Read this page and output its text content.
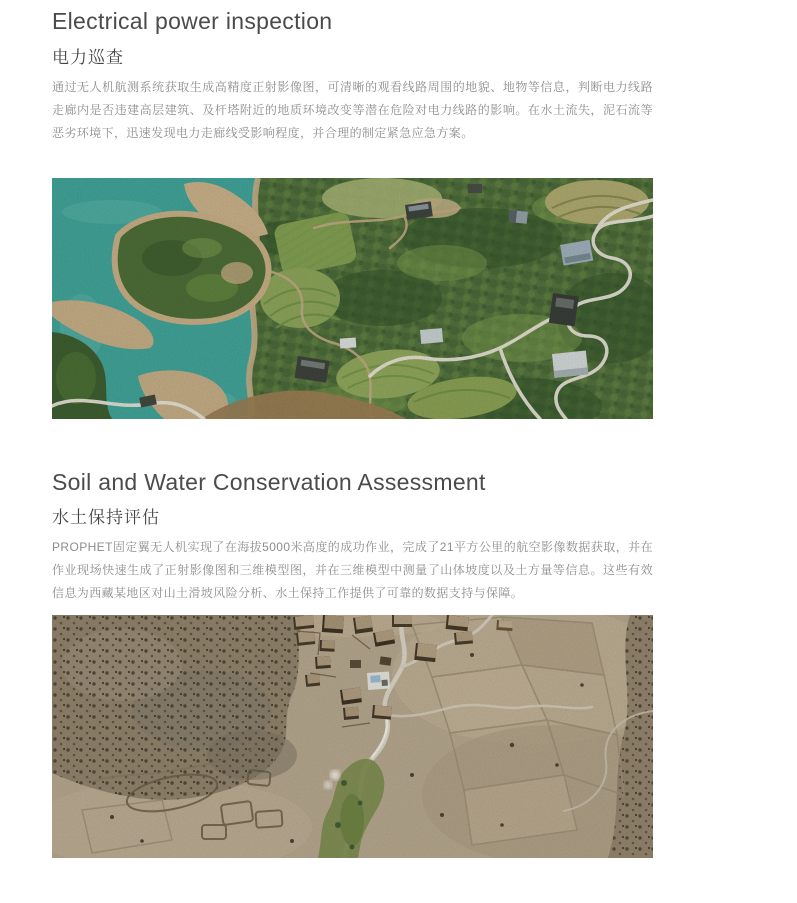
Electrical power inspection
电力巡查

通过无人机航测系统获取生成高精度正射影像图，可清晰的观看线路周围的地貌、地物等信息，判断电力线路走廊内是否违建高层建筑、及杆塔附近的地质环境改变等潜在危险对电力线路的影响。在水土流失，泥石流等恶劣环境下，迅速发现电力走廊线受影响程度，并合理的制定紧急应急方案。

Soil and Water Conservation Assessment
水土保持评估

PROPHET固定翼无人机实现了在海拔5000米高度的成功作业，完成了21平方公里的航空影像数据获取，并在作业现场快速生成了正射影像图和三维模型图，并在三维模型中测量了山体坡度以及土方量等信息。这些有效信息为西藏某地区对山土滑坡风险分析、水土保持工作提供了可靠的数据支持与保障。
